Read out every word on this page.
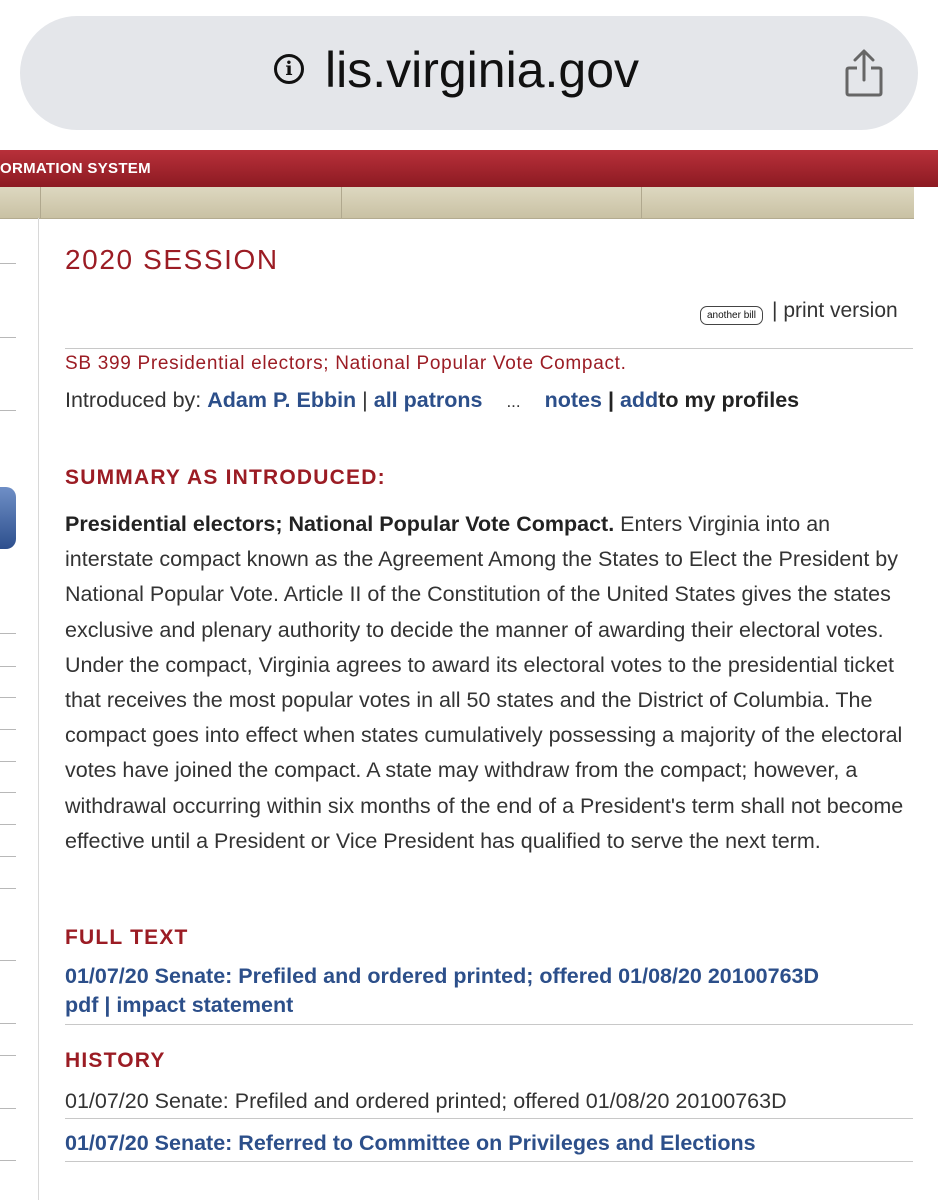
i lis.virginia.gov
ORMATION SYSTEM
2020 SESSION
another bill | print version
SB 399 Presidential electors; National Popular Vote Compact.
Introduced by: Adam P. Ebbin | all patrons ... notes | addto my profiles
SUMMARY AS INTRODUCED:
Presidential electors; National Popular Vote Compact. Enters Virginia into an interstate compact known as the Agreement Among the States to Elect the President by National Popular Vote. Article II of the Constitution of the United States gives the states exclusive and plenary authority to decide the manner of awarding their electoral votes. Under the compact, Virginia agrees to award its electoral votes to the presidential ticket that receives the most popular votes in all 50 states and the District of Columbia. The compact goes into effect when states cumulatively possessing a majority of the electoral votes have joined the compact. A state may withdraw from the compact; however, a withdrawal occurring within six months of the end of a President's term shall not become effective until a President or Vice President has qualified to serve the next term.
FULL TEXT
01/07/20 Senate: Prefiled and ordered printed; offered 01/08/20 20100763D
pdf | impact statement
HISTORY
01/07/20 Senate: Prefiled and ordered printed; offered 01/08/20 20100763D
01/07/20 Senate: Referred to Committee on Privileges and Elections
